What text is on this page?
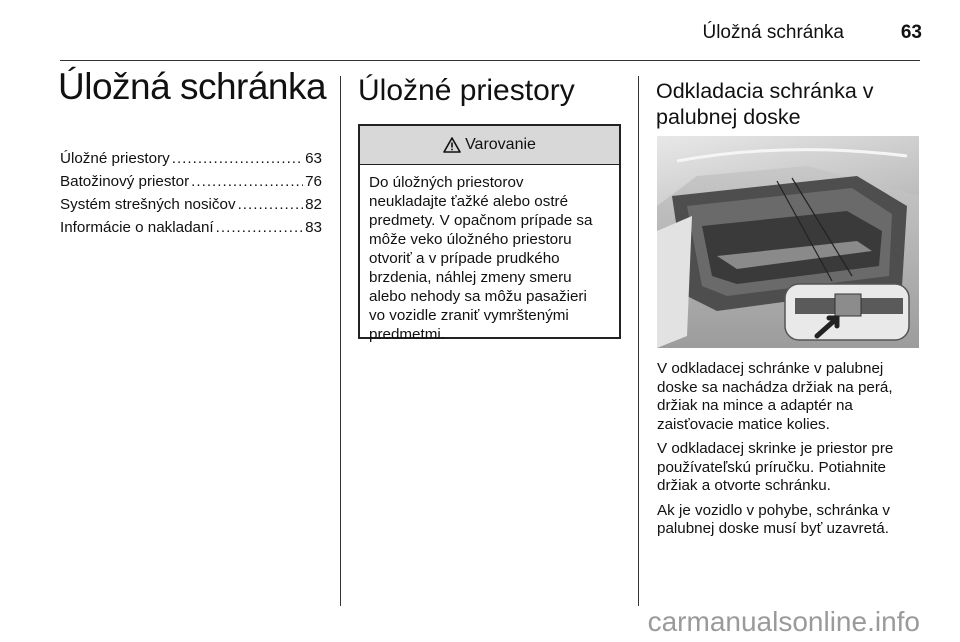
Úložná schránka	63
Úložná schránka
Úložné priestory .....	63
Batožinový priestor .....	76
Systém strešných nosičov .....	82
Informácie o nakladaní .....	83
Úložné priestory
Varovanie
Do úložných priestorov
neukladajte ťažké alebo ostré
predmety. V opačnom prípade sa
môže veko úložného priestoru
otvoriť a v prípade prudkého
brzdenia, náhlej zmeny smeru
alebo nehody sa môžu pasažieri
vo vozidle zraniť vymrštenými
predmetmi.
Odkladacia schránka v
palubnej doske

V odkladacej schránke v palubnej
doske sa nachádza držiak na perá,
držiak na mince a adaptér na
zaisťovacie matice kolies.

V odkladacej skrinke je priestor pre
používateľskú príručku. Potiahnite
držiak a otvorte schránku.

Ak je vozidlo v pohybe, schránka v
palubnej doske musí byť uzavretá.

carmanualsonline.info
